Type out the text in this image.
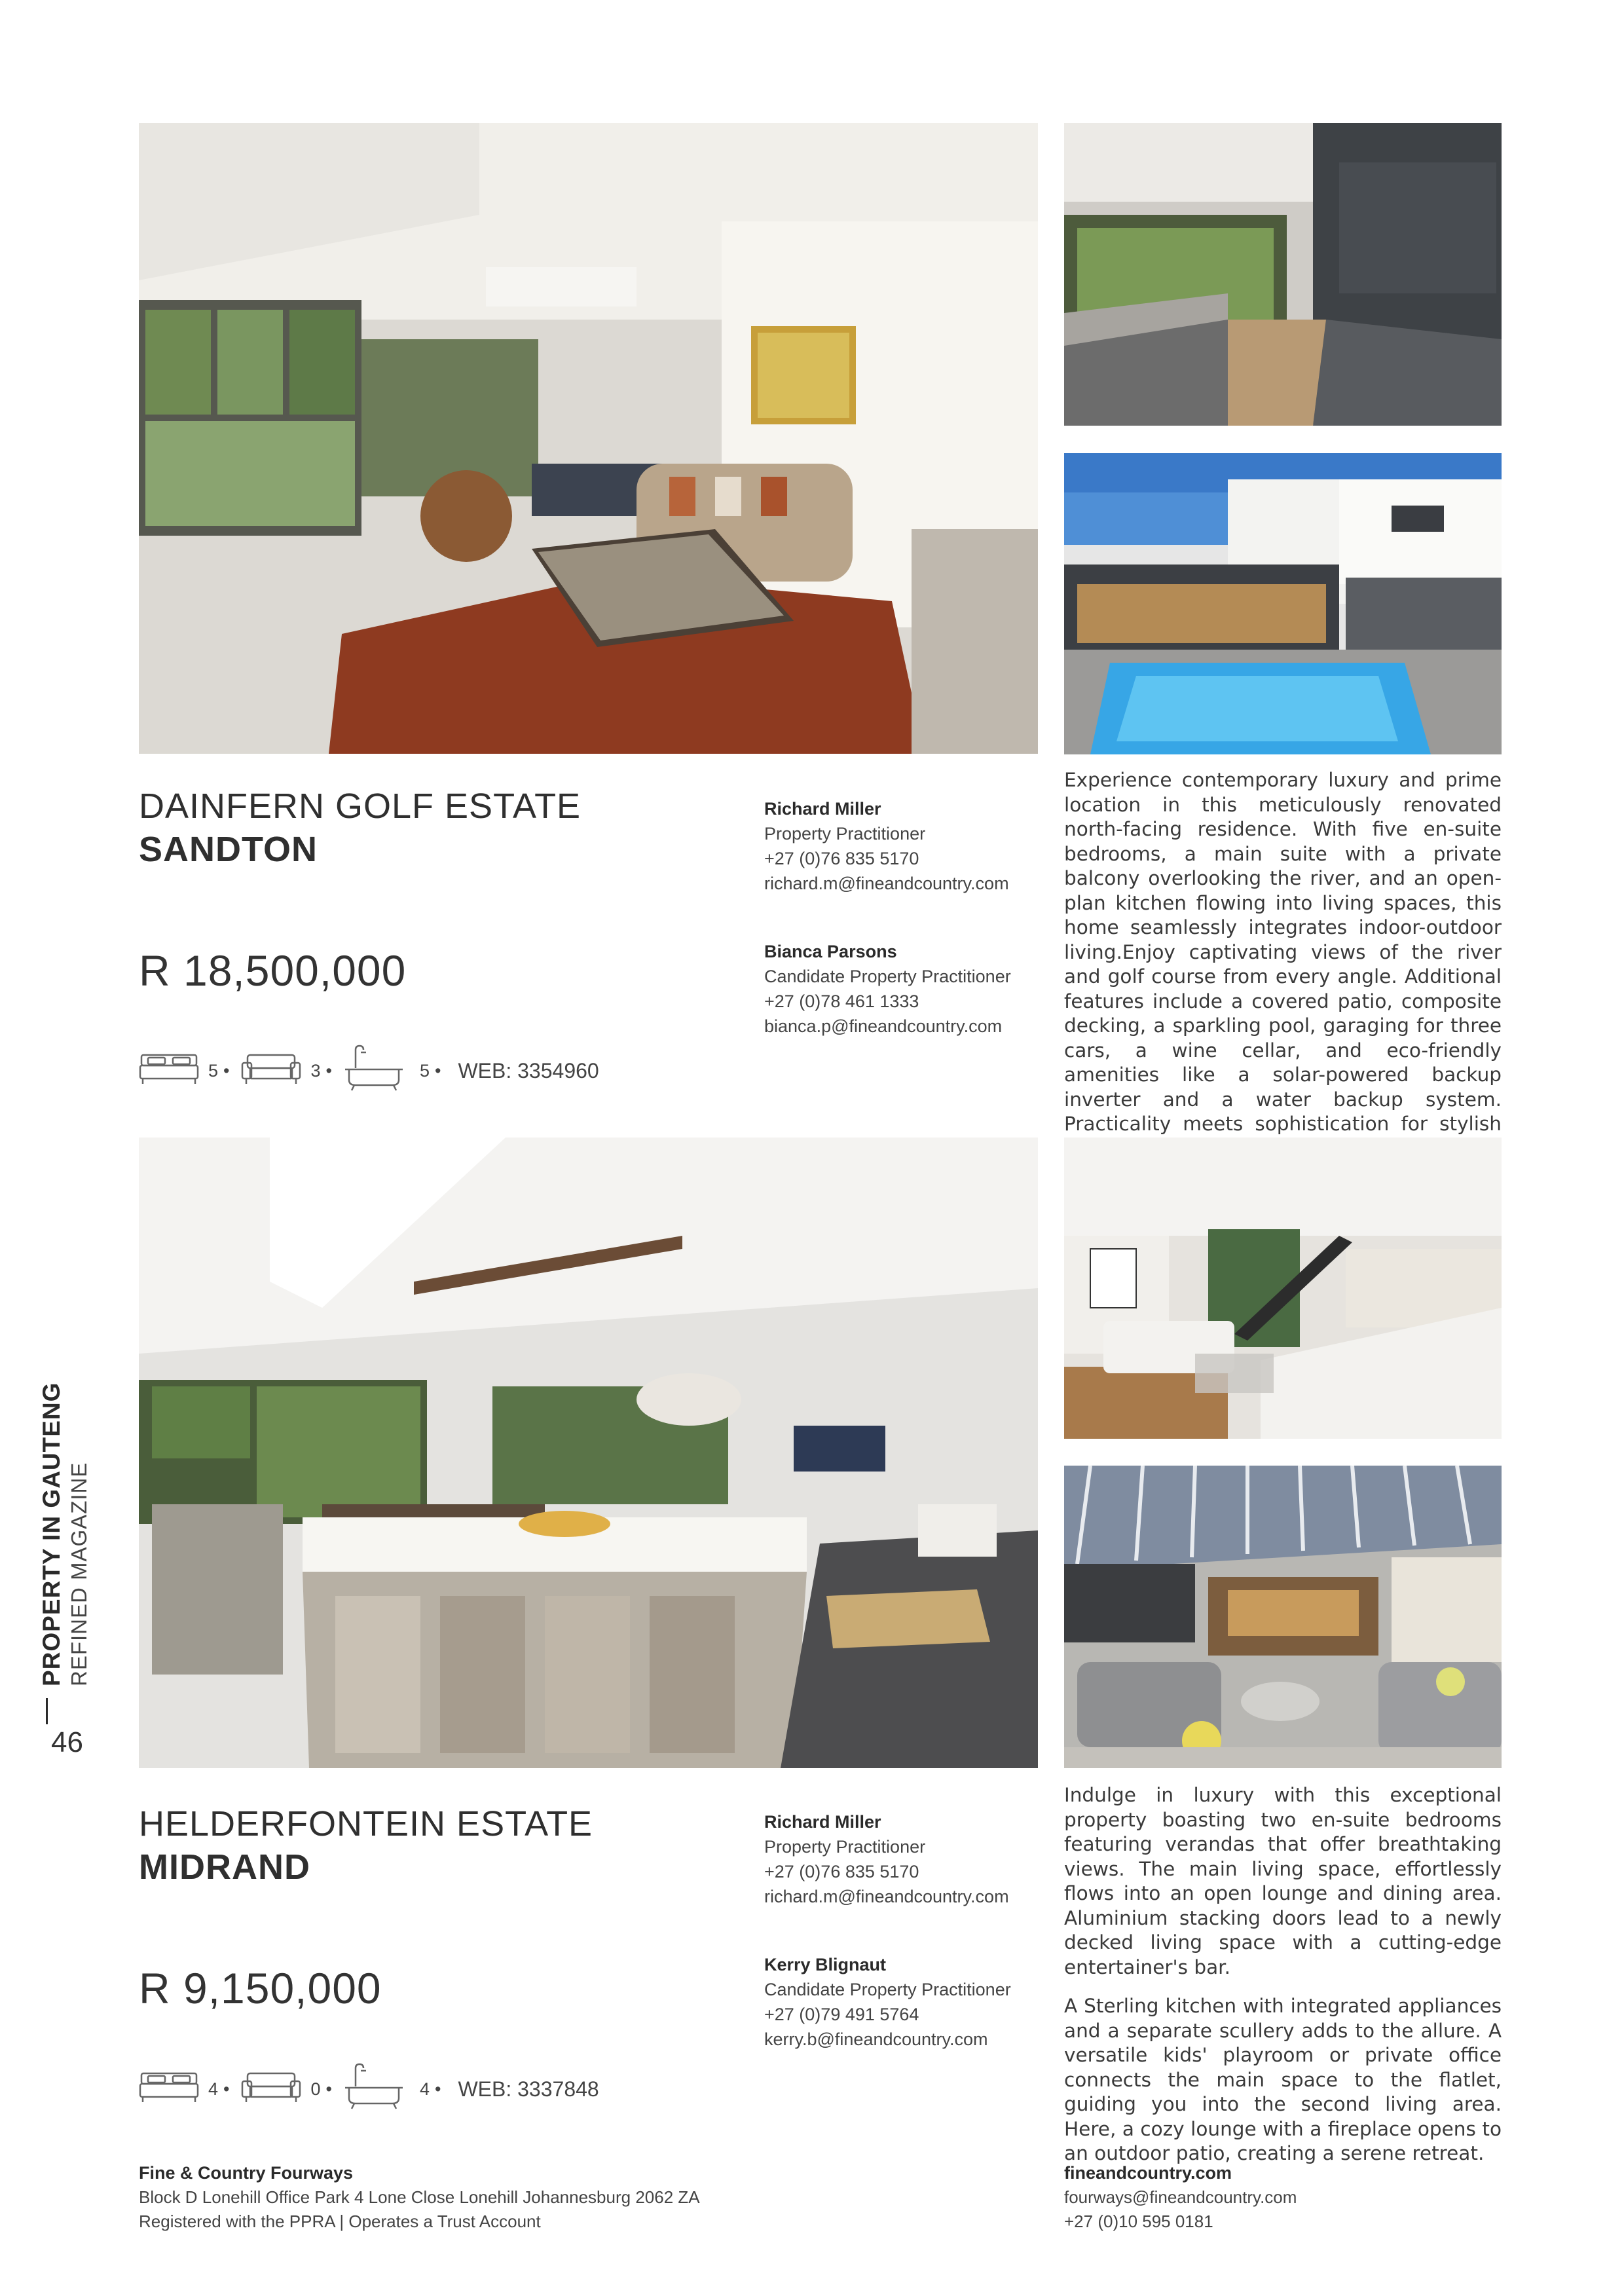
DAINFERN GOLF ESTATE
SANDTON
R 18,500,000
5 •	3 •	5 • WEB: 3354960
Richard Miller
Property Practitioner
+27 (0)76 835 5170
richard.m@fineandcountry.com
Bianca Parsons
Candidate Property Practitioner
+27 (0)78 461 1333
bianca.p@fineandcountry.com

Experience contemporary luxury and prime location in this meticulously renovated north-facing residence. With five en-suite bedrooms, a main suite with a private balcony overlooking the river, and an open-plan kitchen flowing into living spaces, this home seamlessly integrates indoor-outdoor living.Enjoy captivating views of the river and golf course from every angle. Additional features include a covered patio, composite decking, a sparkling pool, garaging for three cars, a wine cellar, and eco-friendly amenities like a solar-powered backup inverter and a water backup system. Practicality meets sophistication for stylish

HELDERFONTEIN ESTATE
MIDRAND
R 9,150,000
4 •	0 •	4 • WEB: 3337848
Richard Miller
Property Practitioner
+27 (0)76 835 5170
richard.m@fineandcountry.com
Kerry Blignaut
Candidate Property Practitioner
+27 (0)79 491 5764
kerry.b@fineandcountry.com

Indulge in luxury with this exceptional property boasting two en-suite bedrooms featuring verandas that offer breathtaking views. The main living space, effortlessly flows into an open lounge and dining area. Aluminium stacking doors lead to a newly decked living space with a cutting-edge entertainer's bar.

A Sterling kitchen with integrated appliances and a separate scullery adds to the allure. A versatile kids' playroom or private office connects the main space to the flatlet, guiding you into the second living area. Here, a cozy lounge with a fireplace opens to an outdoor patio, creating a serene retreat.

PROPERTY IN GAUTENG REFINED MAGAZINE
46
Fine & Country Fourways
Block D Lonehill Office Park 4 Lone Close Lonehill Johannesburg 2062 ZA
Registered with the PPRA | Operates a Trust Account
fineandcountry.com
fourways@fineandcountry.com
+27 (0)10 595 0181
